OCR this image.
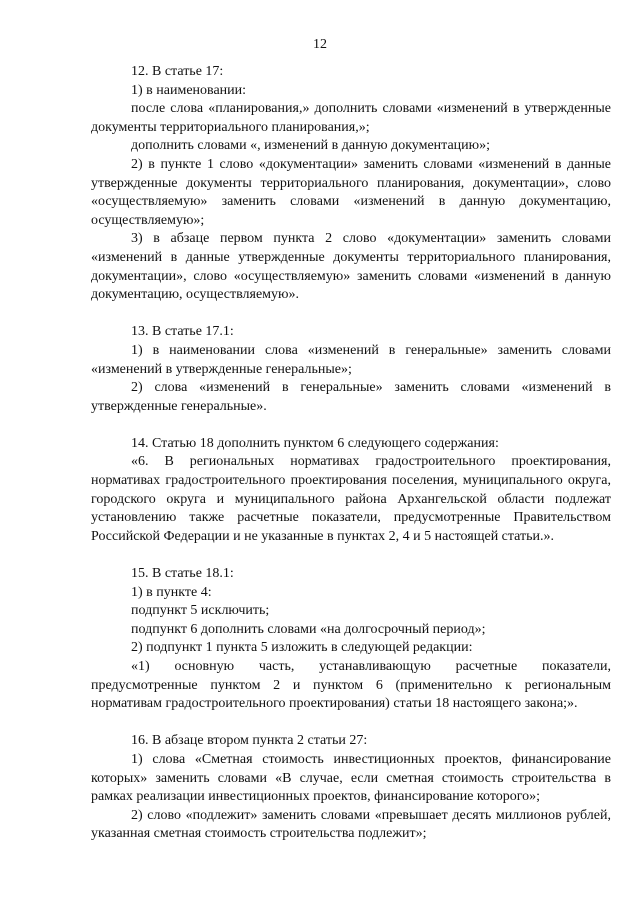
12

12. В статье 17:

1) в наименовании:

после слова «планирования,» дополнить словами «изменений в утвержденные документы территориального планирования,»;

дополнить словами «, изменений в данную документацию»;

2) в пункте 1 слово «документации» заменить словами «изменений в данные утвержденные документы территориального планирования, документации», слово «осуществляемую» заменить словами «изменений в данную документацию, осуществляемую»;

3) в абзаце первом пункта 2 слово «документации» заменить словами «изменений в данные утвержденные документы территориального планирования, документации», слово «осуществляемую» заменить словами «изменений в данную документацию, осуществляемую».

13. В статье 17.1:

1) в наименовании слова «изменений в генеральные» заменить словами «изменений в утвержденные генеральные»;

2) слова «изменений в генеральные» заменить словами «изменений в утвержденные генеральные».

14. Статью 18 дополнить пунктом 6 следующего содержания:

«6. В региональных нормативах градостроительного проектирования, нормативах градостроительного проектирования поселения, муниципального округа, городского округа и муниципального района Архангельской области подлежат установлению также расчетные показатели, предусмотренные Правительством Российской Федерации и не указанные в пунктах 2, 4 и 5 настоящей статьи.».

15. В статье 18.1:

1) в пункте 4:

подпункт 5 исключить;

подпункт 6 дополнить словами «на долгосрочный период»;

2) подпункт 1 пункта 5 изложить в следующей редакции:

«1) основную часть, устанавливающую расчетные показатели, предусмотренные пунктом 2 и пунктом 6 (применительно к региональным нормативам градостроительного проектирования) статьи 18 настоящего закона;».

16. В абзаце втором пункта 2 статьи 27:

1) слова «Сметная стоимость инвестиционных проектов, финансирование которых» заменить словами «В случае, если сметная стоимость строительства в рамках реализации инвестиционных проектов, финансирование которого»;

2) слово «подлежит» заменить словами «превышает десять миллионов рублей, указанная сметная стоимость строительства подлежит»;
